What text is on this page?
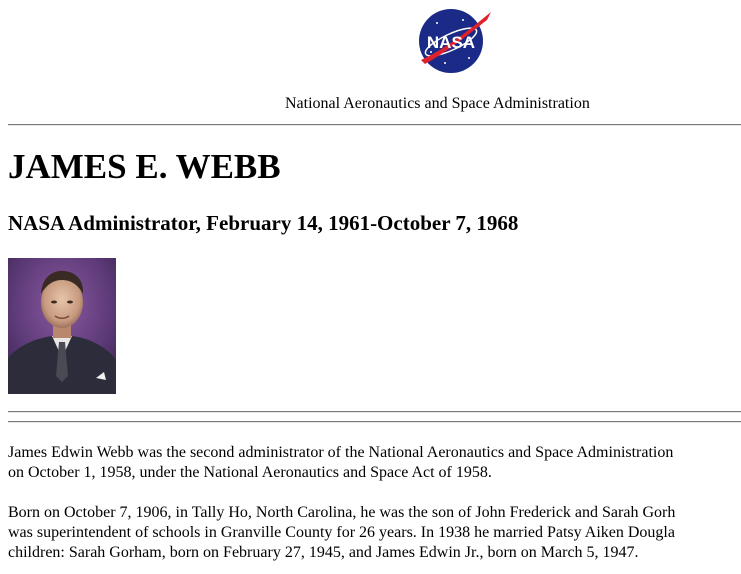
NASA
National Aeronautics and Space Administration
JAMES E. WEBB
NASA Administrator, February 14, 1961-October 7, 1968

James Edwin Webb was the second administrator of the National Aeronautics and Space Administration
on October 1, 1958, under the National Aeronautics and Space Act of 1958.

Born on October 7, 1906, in Tally Ho, North Carolina, he was the son of John Frederick and Sarah Gorh
was superintendent of schools in Granville County for 26 years. In 1938 he married Patsy Aiken Dougla
children: Sarah Gorham, born on February 27, 1945, and James Edwin Jr., born on March 5, 1947.
